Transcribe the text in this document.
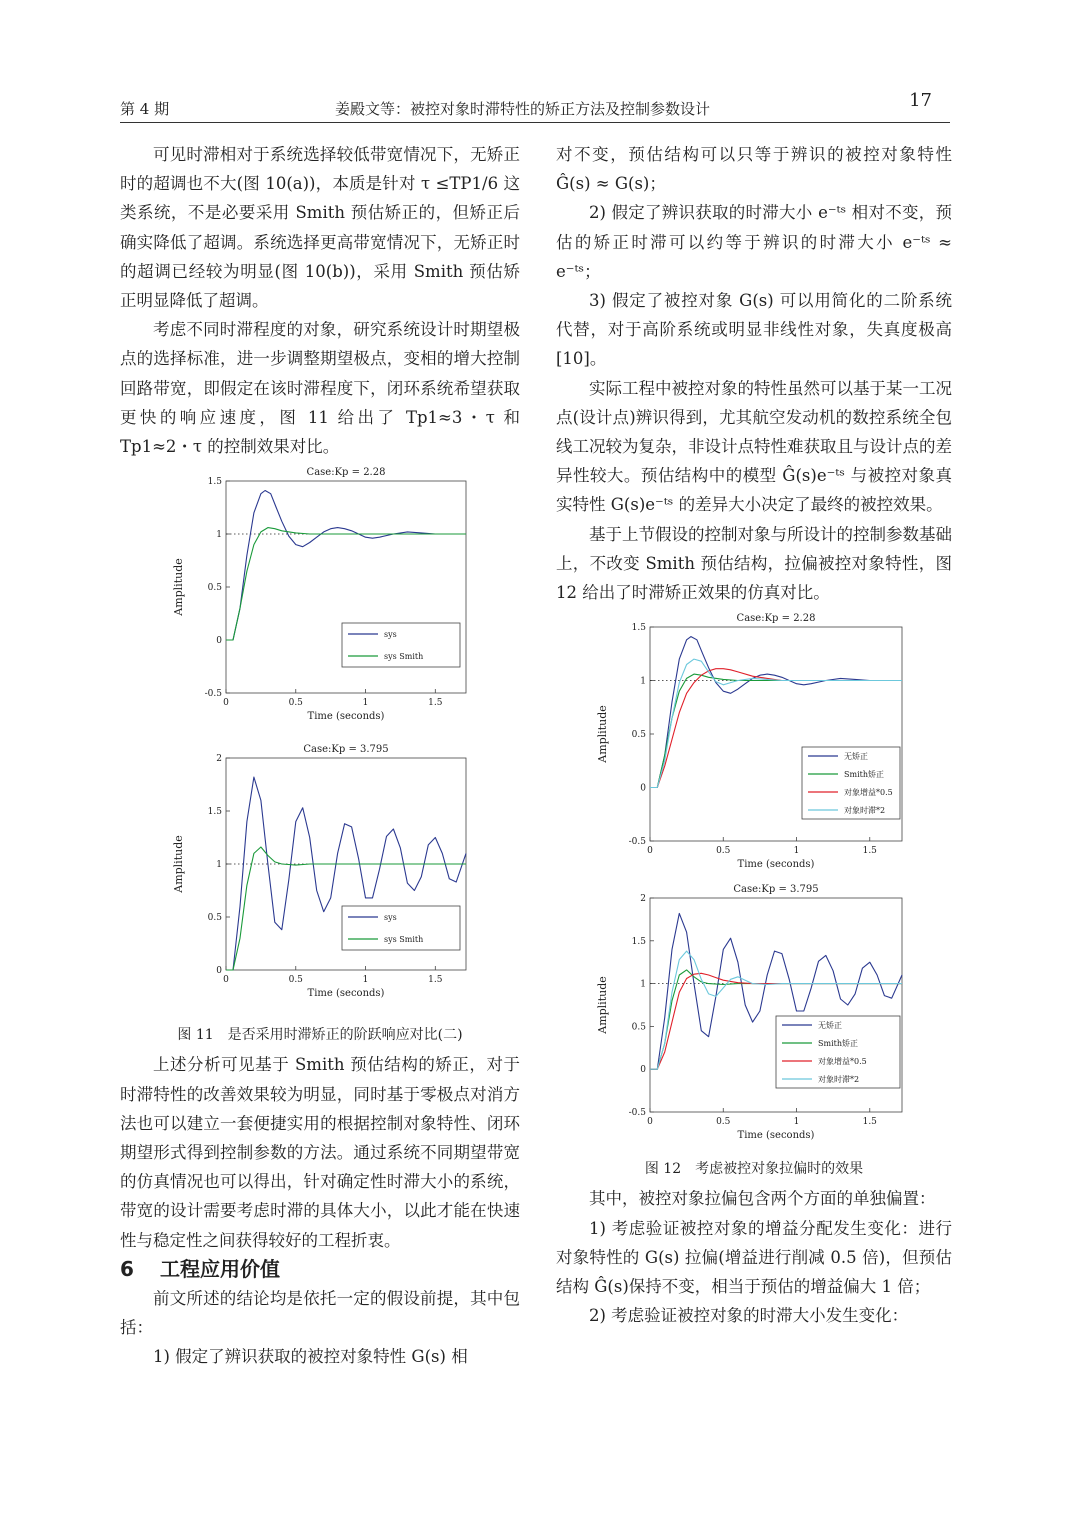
第 4 期	姜殿文等：被控对象时滞特性的矫正方法及控制参数设计	17

可见时滞相对于系统选择较低带宽情况下，无矫正时的超调也不大(图 10(a))，本质是针对 τ ≤TP1/6 这类系统，不是必要采用 Smith 预估矫正的，但矫正后确实降低了超调。系统选择更高带宽情况下，无矫正时的超调已经较为明显(图 10(b))，采用 Smith 预估矫正明显降低了超调。

考虑不同时滞程度的对象，研究系统设计时期望极点的选择标准，进一步调整期望极点，变相的增大控制回路带宽，即假定在该时滞程度下，闭环系统希望获取更快的响应速度，图 11 给出了 Tp1≈3・τ 和 Tp1≈2・τ 的控制效果对比。

Case:Kp = 2.28
0	0.5	1	1.5
-0.5
0
0.5
1
1.5
Time (seconds)
Amplitude
sys
sys Smith

Case:Kp = 3.795
0	0.5	1	1.5
0
0.5
1
1.5
2
Time (seconds)
Amplitude
sys
sys Smith

图 11　是否采用时滞矫正的阶跃响应对比(二)

上述分析可见基于 Smith 预估结构的矫正，对于时滞特性的改善效果较为明显，同时基于零极点对消方法也可以建立一套便捷实用的根据控制对象特性、闭环期望形式得到控制参数的方法。通过系统不同期望带宽的仿真情况也可以得出，针对确定性时滞大小的系统，带宽的设计需要考虑时滞的具体大小，以此才能在快速性与稳定性之间获得较好的工程折衷。

6 工程应用价值

前文所述的结论均是依托一定的假设前提，其中包括：

1) 假定了辨识获取的被控对象特性 G(s) 相

对不变，预估结构可以只等于辨识的被控对象特性 Ĝ(s) ≈ G(s)；

2) 假定了辨识获取的时滞大小 e⁻ᵗˢ 相对不变，预估的矫正时滞可以约等于辨识的时滞大小 e⁻ᵗˢ ≈ e⁻ᵗˢ；

3) 假定了被控对象 G(s) 可以用简化的二阶系统代替，对于高阶系统或明显非线性对象，失真度极高[10]。

实际工程中被控对象的特性虽然可以基于某一工况点(设计点)辨识得到，尤其航空发动机的数控系统全包线工况较为复杂，非设计点特性难获取且与设计点的差异性较大。预估结构中的模型 Ĝ(s)e⁻ᵗˢ 与被控对象真实特性 G(s)e⁻ᵗˢ 的差异大小决定了最终的被控效果。

基于上节假设的控制对象与所设计的控制参数基础上，不改变 Smith 预估结构，拉偏被控对象特性，图 12 给出了时滞矫正效果的仿真对比。

Case:Kp = 2.28
0	0.5	1	1.5
-0.5
0
0.5
1
1.5
Time (seconds)
Amplitude	无矫正
Smith矫正
对象增益*0.5
对象时滞*2

Case:Kp = 3.795
0	0.5	1	1.5
-0.5
0
0.5
1
1.5
2
Time (seconds)
Amplitude	无矫正
Smith矫正
对象增益*0.5
对象时滞*2

图 12　考虑被控对象拉偏时的效果

其中，被控对象拉偏包含两个方面的单独偏置：

1) 考虑验证被控对象的增益分配发生变化：进行对象特性的 G(s) 拉偏(增益进行削减 0.5 倍)，但预估结构 Ĝ(s)保持不变，相当于预估的增益偏大 1 倍；

2) 考虑验证被控对象的时滞大小发生变化：
